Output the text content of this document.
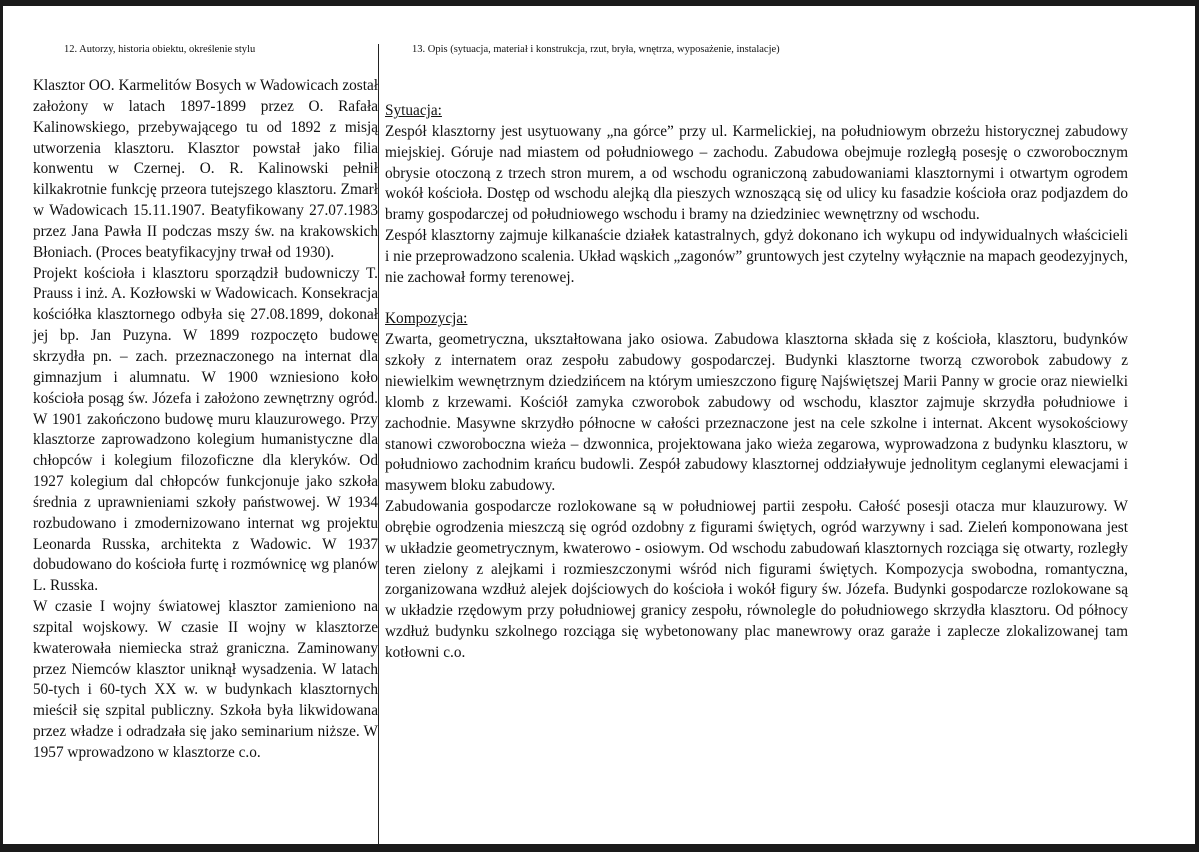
12. Autorzy, historia obiektu, określenie stylu	13. Opis (sytuacja, materiał i konstrukcja, rzut, bryła, wnętrza, wyposażenie, instalacje)

Klasztor OO. Karmelitów Bosych w Wadowicach został założony w latach 1897-1899 przez O. Rafała Kalinowskiego, przebywającego tu od 1892 z misją utworzenia klasztoru. Klasztor powstał jako filia konwentu w Czernej. O. R. Kalinowski pełnił kilkakrotnie funkcję przeora tutejszego klasztoru. Zmarł w Wadowicach 15.11.1907. Beatyfikowany 27.07.1983 przez Jana Pawła II podczas mszy św. na krakowskich Błoniach. (Proces beatyfikacyjny trwał od 1930).

Projekt kościoła i klasztoru sporządził budowniczy T. Prauss i inż. A. Kozłowski w Wadowicach. Konsekracja kościółka klasztornego odbyła się 27.08.1899, dokonał jej bp. Jan Puzyna. W 1899 rozpoczęto budowę skrzydła pn. – zach. przeznaczonego na internat dla gimnazjum i alumnatu. W 1900 wzniesiono koło kościoła posąg św. Józefa i założono zewnętrzny ogród. W 1901 zakończono budowę muru klauzurowego. Przy klasztorze zaprowadzono kolegium humanistyczne dla chłopców i kolegium filozoficzne dla kleryków. Od 1927 kolegium dal chłopców funkcjonuje jako szkoła średnia z uprawnieniami szkoły państwowej. W 1934 rozbudowano i zmodernizowano internat wg projektu Leonarda Russka, architekta z Wadowic. W 1937 dobudowano do kościoła furtę i rozmównicę wg planów L. Russka.

W czasie I wojny światowej klasztor zamieniono na szpital wojskowy. W czasie II wojny w klasztorze kwaterowała niemiecka straż graniczna. Zaminowany przez Niemców klasztor uniknął wysadzenia. W latach 50-tych i 60-tych XX w. w budynkach klasztornych mieścił się szpital publiczny. Szkoła była likwidowana przez władze i odradzała się jako seminarium niższe. W 1957 wprowadzono w klasztorze c.o.

Sytuacja:

Zespół klasztorny jest usytuowany „na górce” przy ul. Karmelickiej, na południowym obrzeżu historycznej zabudowy miejskiej. Góruje nad miastem od południowego – zachodu. Zabudowa obejmuje rozległą posesję o czworobocznym obrysie otoczoną z trzech stron murem, a od wschodu ograniczoną zabudowaniami klasztornymi i otwartym ogrodem wokół kościoła. Dostęp od wschodu alejką dla pieszych wznoszącą się od ulicy ku fasadzie kościoła oraz podjazdem do bramy gospodarczej od południowego wschodu i bramy na dziedziniec wewnętrzny od wschodu.

Zespół klasztorny zajmuje kilkanaście działek katastralnych, gdyż dokonano ich wykupu od indywidualnych właścicieli i nie przeprowadzono scalenia. Układ wąskich „zagonów” gruntowych jest czytelny wyłącznie na mapach geodezyjnych, nie zachował formy terenowej.

Kompozycja:

Zwarta, geometryczna, ukształtowana jako osiowa. Zabudowa klasztorna składa się z kościoła, klasztoru, budynków szkoły z internatem oraz zespołu zabudowy gospodarczej. Budynki klasztorne tworzą czworobok zabudowy z niewielkim wewnętrznym dziedzińcem na którym umieszczono figurę Najświętszej Marii Panny w grocie oraz niewielki klomb z krzewami. Kościół zamyka czworobok zabudowy od wschodu, klasztor zajmuje skrzydła południowe i zachodnie. Masywne skrzydło północne w całości przeznaczone jest na cele szkolne i internat. Akcent wysokościowy stanowi czworoboczna wieża – dzwonnica, projektowana jako wieża zegarowa, wyprowadzona z budynku klasztoru, w południowo zachodnim krańcu budowli. Zespół zabudowy klasztornej oddziaływuje jednolitym ceglanymi elewacjami i masywem bloku zabudowy.

Zabudowania gospodarcze rozlokowane są w południowej partii zespołu. Całość posesji otacza mur klauzurowy. W obrębie ogrodzenia mieszczą się ogród ozdobny z figurami świętych, ogród warzywny i sad. Zieleń komponowana jest w układzie geometrycznym, kwaterowo - osiowym. Od wschodu zabudowań klasztornych rozciąga się otwarty, rozległy teren zielony z alejkami i rozmieszczonymi wśród nich figurami świętych. Kompozycja swobodna, romantyczna, zorganizowana wzdłuż alejek dojściowych do kościoła i wokół figury św. Józefa. Budynki gospodarcze rozlokowane są w układzie rzędowym przy południowej granicy zespołu, równolegle do południowego skrzydła klasztoru. Od północy wzdłuż budynku szkolnego rozciąga się wybetonowany plac manewrowy oraz garaże i zaplecze zlokalizowanej tam kotłowni c.o.
